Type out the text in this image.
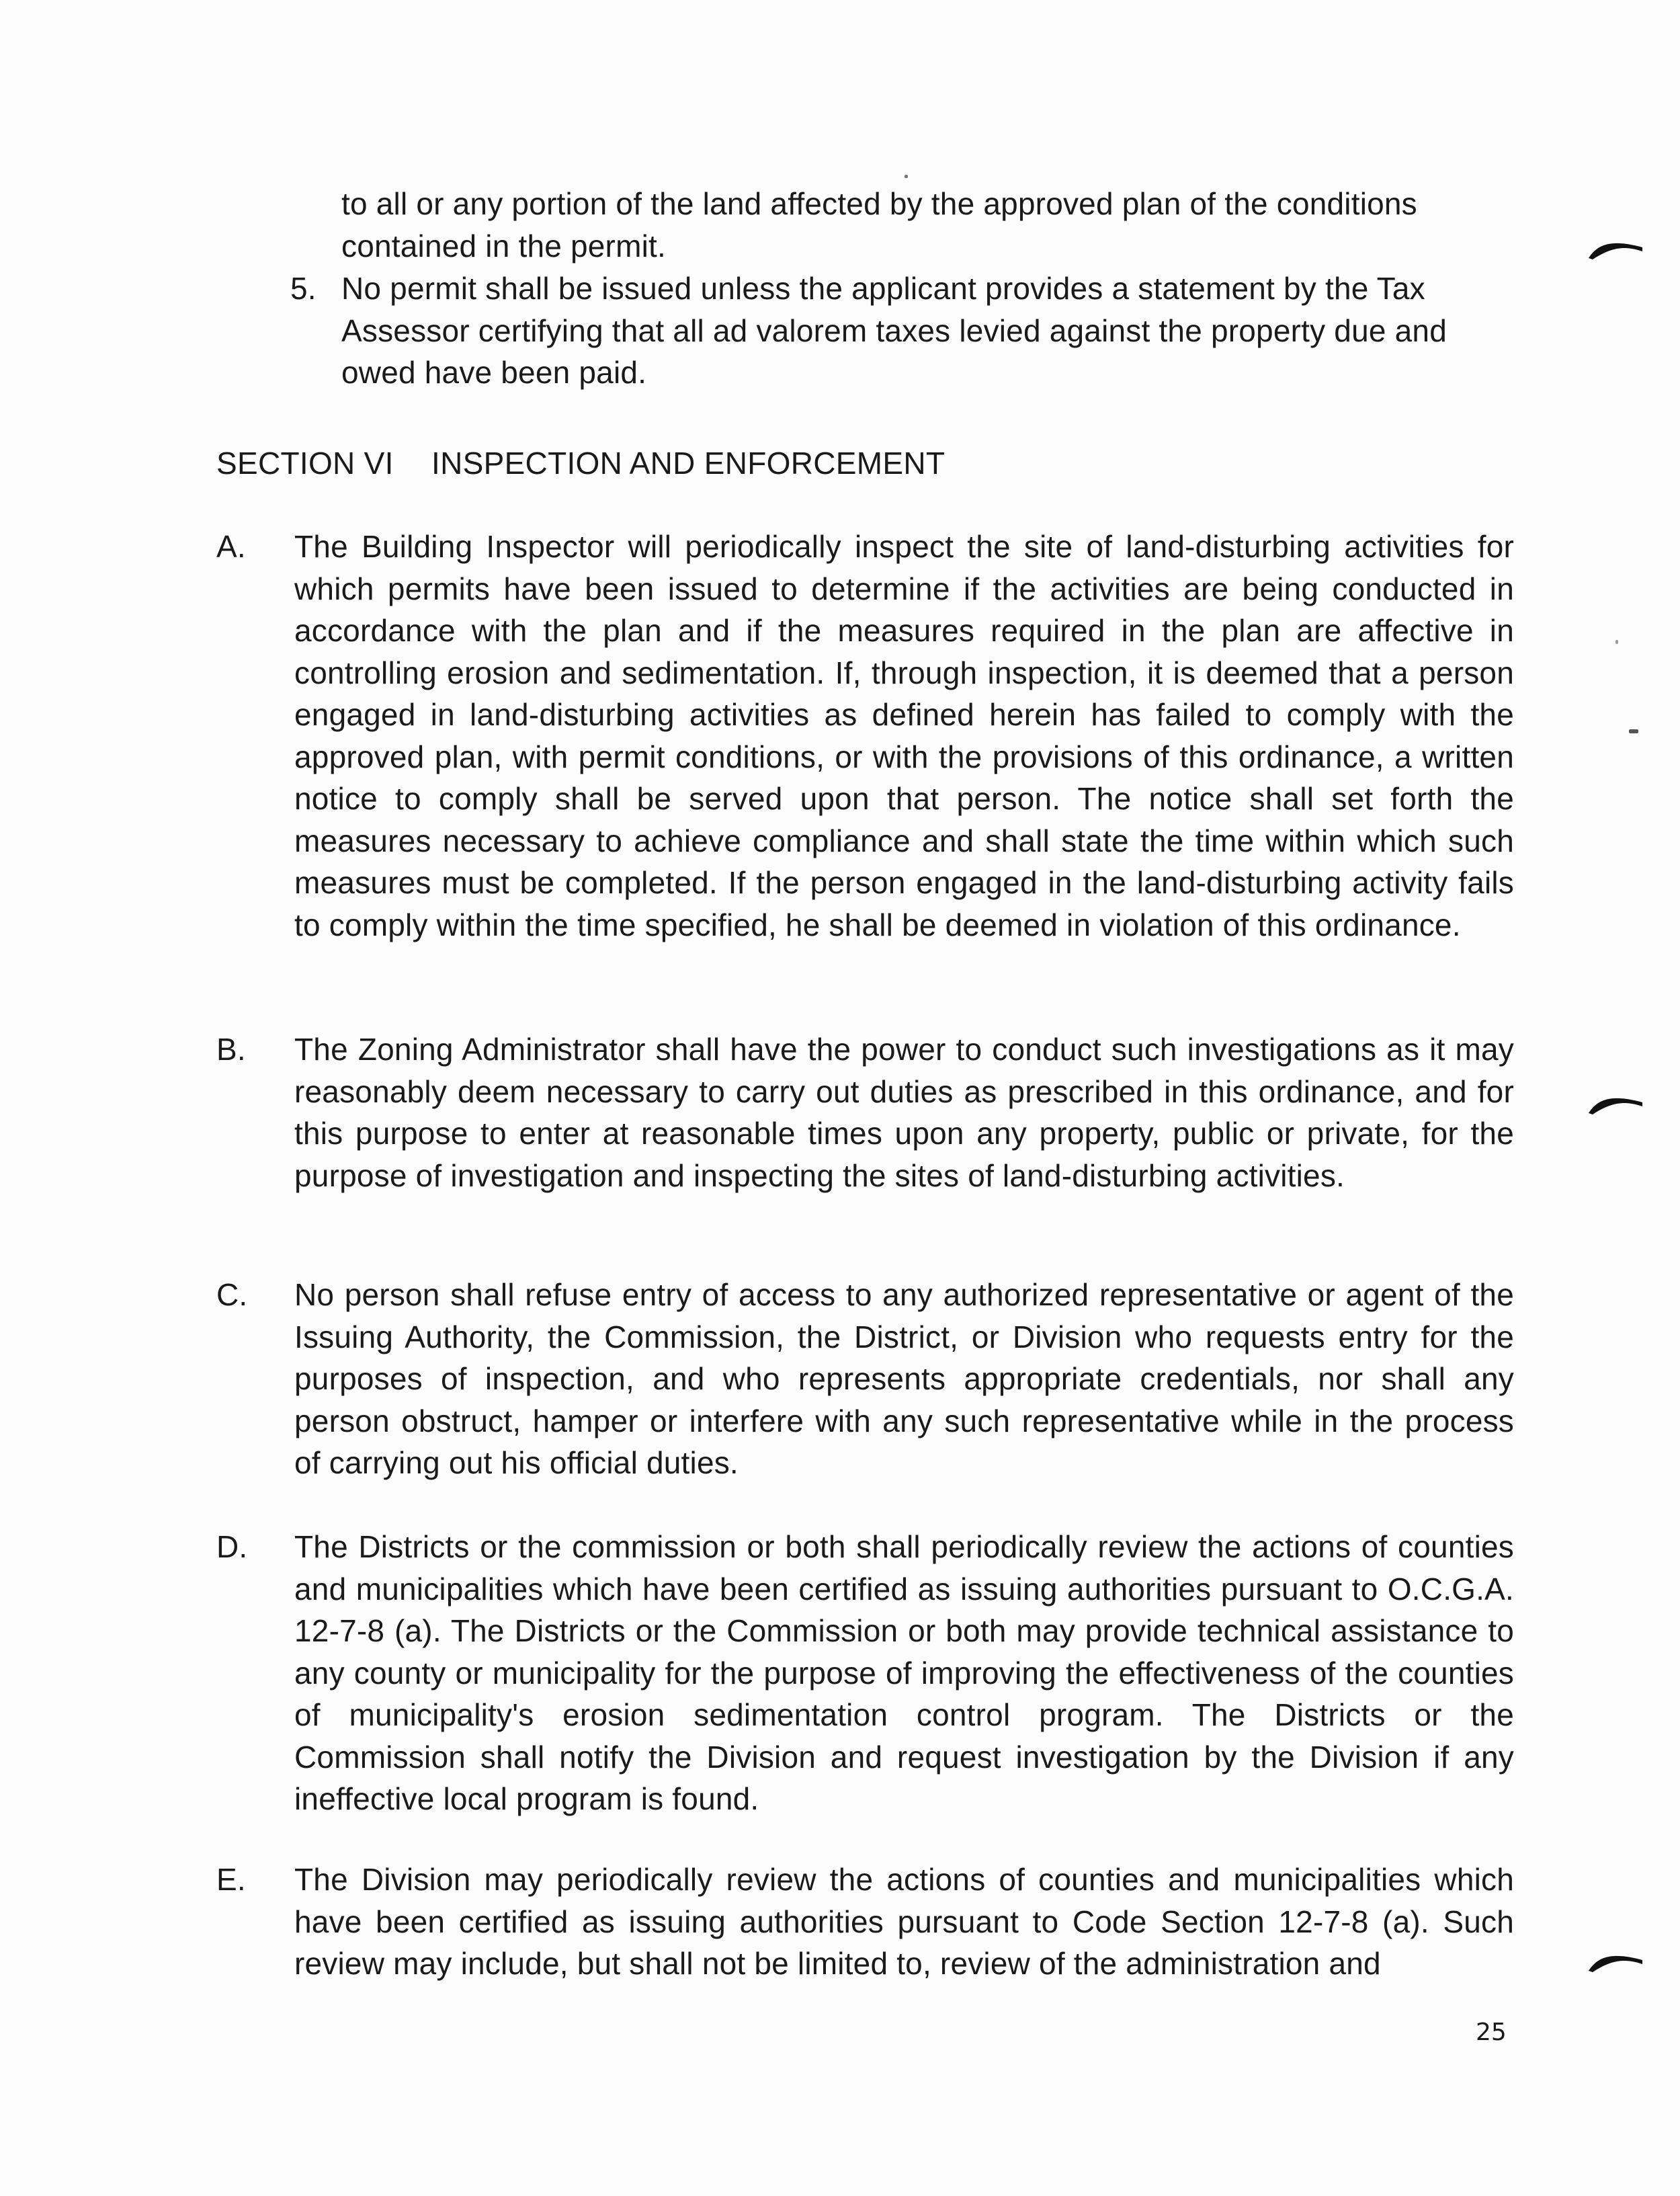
to all or any portion of the land affected by the approved plan of the conditions contained in the permit.
5. No permit shall be issued unless the applicant provides a statement by the Tax Assessor certifying that all ad valorem taxes levied against the property due and owed have been paid.
SECTION VI INSPECTION AND ENFORCEMENT
A.	The Building Inspector will periodically inspect the site of land-disturbing activities for which permits have been issued to determine if the activities are being conducted in accordance with the plan and if the measures required in the plan are affective in controlling erosion and sedimentation. If, through inspection, it is deemed that a person engaged in land-disturbing activities as defined herein has failed to comply with the approved plan, with permit conditions, or with the provisions of this ordinance, a written notice to comply shall be served upon that person. The notice shall set forth the measures necessary to achieve compliance and shall state the time within which such measures must be completed. If the person engaged in the land-disturbing activity fails to comply within the time specified, he shall be deemed in violation of this ordinance.
B.	The Zoning Administrator shall have the power to conduct such investigations as it may reasonably deem necessary to carry out duties as prescribed in this ordinance, and for this purpose to enter at reasonable times upon any property, public or private, for the purpose of investigation and inspecting the sites of land-disturbing activities.
C. No person shall refuse entry of access to any authorized representative or agent of the Issuing Authority, the Commission, the District, or Division who requests entry for the purposes of inspection, and who represents appropriate credentials, nor shall any person obstruct, hamper or interfere with any such representative while in the process of carrying out his official duties.
D. The Districts or the commission or both shall periodically review the actions of counties and municipalities which have been certified as issuing authorities pursuant to O.C.G.A. 12-7-8 (a). The Districts or the Commission or both may provide technical assistance to any county or municipality for the purpose of improving the effectiveness of the counties of municipality's erosion sedimentation control program. The Districts or the Commission shall notify the Division and request investigation by the Division if any ineffective local program is found.
E.	The Division may periodically review the actions of counties and municipalities which have been certified as issuing authorities pursuant to Code Section 12-7-8 (a). Such review may include, but shall not be limited to, review of the administration and
25
